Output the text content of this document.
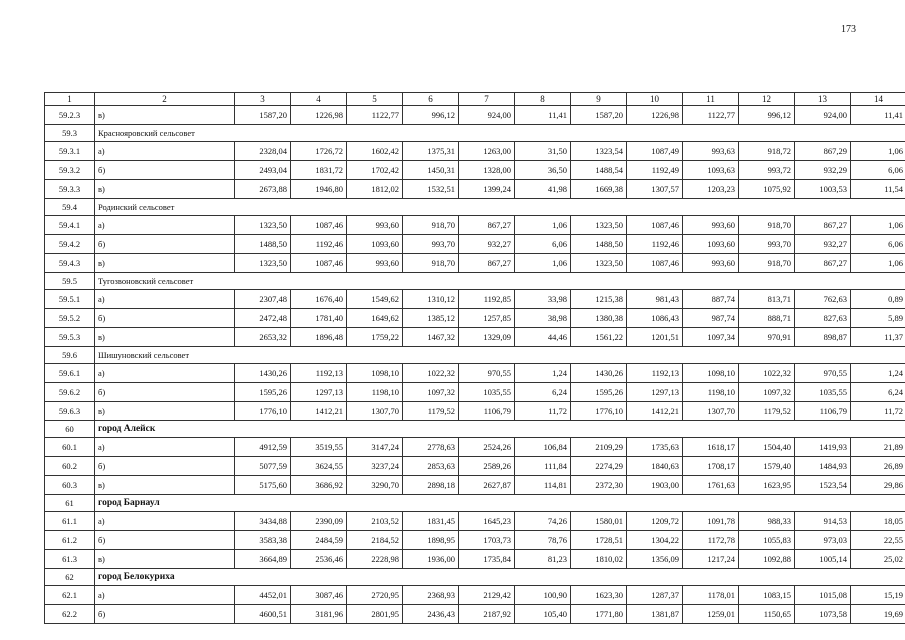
173
1	2	3	4	5	6	7	8	9	10	11	12	13	14
59.2.3	в)	1587,20	1226,98	1122,77	996,12	924,00	11,41	1587,20	1226,98	1122,77	996,12	924,00	11,41
59.3	Краснояровский сельсовет												
59.3.1	а)	2328,04	1726,72	1602,42	1375,31	1263,00	31,50	1323,54	1087,49	993,63	918,72	867,29	1,06
59.3.2	б)	2493,04	1831,72	1702,42	1450,31	1328,00	36,50	1488,54	1192,49	1093,63	993,72	932,29	6,06
59.3.3	в)	2673,88	1946,80	1812,02	1532,51	1399,24	41,98	1669,38	1307,57	1203,23	1075,92	1003,53	11,54
59.4	Родинский сельсовет												
59.4.1	а)	1323,50	1087,46	993,60	918,70	867,27	1,06	1323,50	1087,46	993,60	918,70	867,27	1,06
59.4.2	б)	1488,50	1192,46	1093,60	993,70	932,27	6,06	1488,50	1192,46	1093,60	993,70	932,27	6,06
59.4.3	в)	1323,50	1087,46	993,60	918,70	867,27	1,06	1323,50	1087,46	993,60	918,70	867,27	1,06
59.5	Тугозвоновский сельсовет												
59.5.1	а)	2307,48	1676,40	1549,62	1310,12	1192,85	33,98	1215,38	981,43	887,74	813,71	762,63	0,89
59.5.2	б)	2472,48	1781,40	1649,62	1385,12	1257,85	38,98	1380,38	1086,43	987,74	888,71	827,63	5,89
59.5.3	в)	2653,32	1896,48	1759,22	1467,32	1329,09	44,46	1561,22	1201,51	1097,34	970,91	898,87	11,37
59.6	Шишуновский сельсовет												
59.6.1	а)	1430,26	1192,13	1098,10	1022,32	970,55	1,24	1430,26	1192,13	1098,10	1022,32	970,55	1,24
59.6.2	б)	1595,26	1297,13	1198,10	1097,32	1035,55	6,24	1595,26	1297,13	1198,10	1097,32	1035,55	6,24
59.6.3	в)	1776,10	1412,21	1307,70	1179,52	1106,79	11,72	1776,10	1412,21	1307,70	1179,52	1106,79	11,72
60	город Алейск												
60.1	а)	4912,59	3519,55	3147,24	2778,63	2524,26	106,84	2109,29	1735,63	1618,17	1504,40	1419,93	21,89
60.2	б)	5077,59	3624,55	3237,24	2853,63	2589,26	111,84	2274,29	1840,63	1708,17	1579,40	1484,93	26,89
60.3	в)	5175,60	3686,92	3290,70	2898,18	2627,87	114,81	2372,30	1903,00	1761,63	1623,95	1523,54	29,86
61	город Барнаул												
61.1	а)	3434,88	2390,09	2103,52	1831,45	1645,23	74,26	1580,01	1209,72	1091,78	988,33	914,53	18,05
61.2	б)	3583,38	2484,59	2184,52	1898,95	1703,73	78,76	1728,51	1304,22	1172,78	1055,83	973,03	22,55
61.3	в)	3664,89	2536,46	2228,98	1936,00	1735,84	81,23	1810,02	1356,09	1217,24	1092,88	1005,14	25,02
62	город Белокуриха												
62.1	а)	4452,01	3087,46	2720,95	2368,93	2129,42	100,90	1623,30	1287,37	1178,01	1083,15	1015,08	15,19
62.2	б)	4600,51	3181,96	2801,95	2436,43	2187,92	105,40	1771,80	1381,87	1259,01	1150,65	1073,58	19,69
